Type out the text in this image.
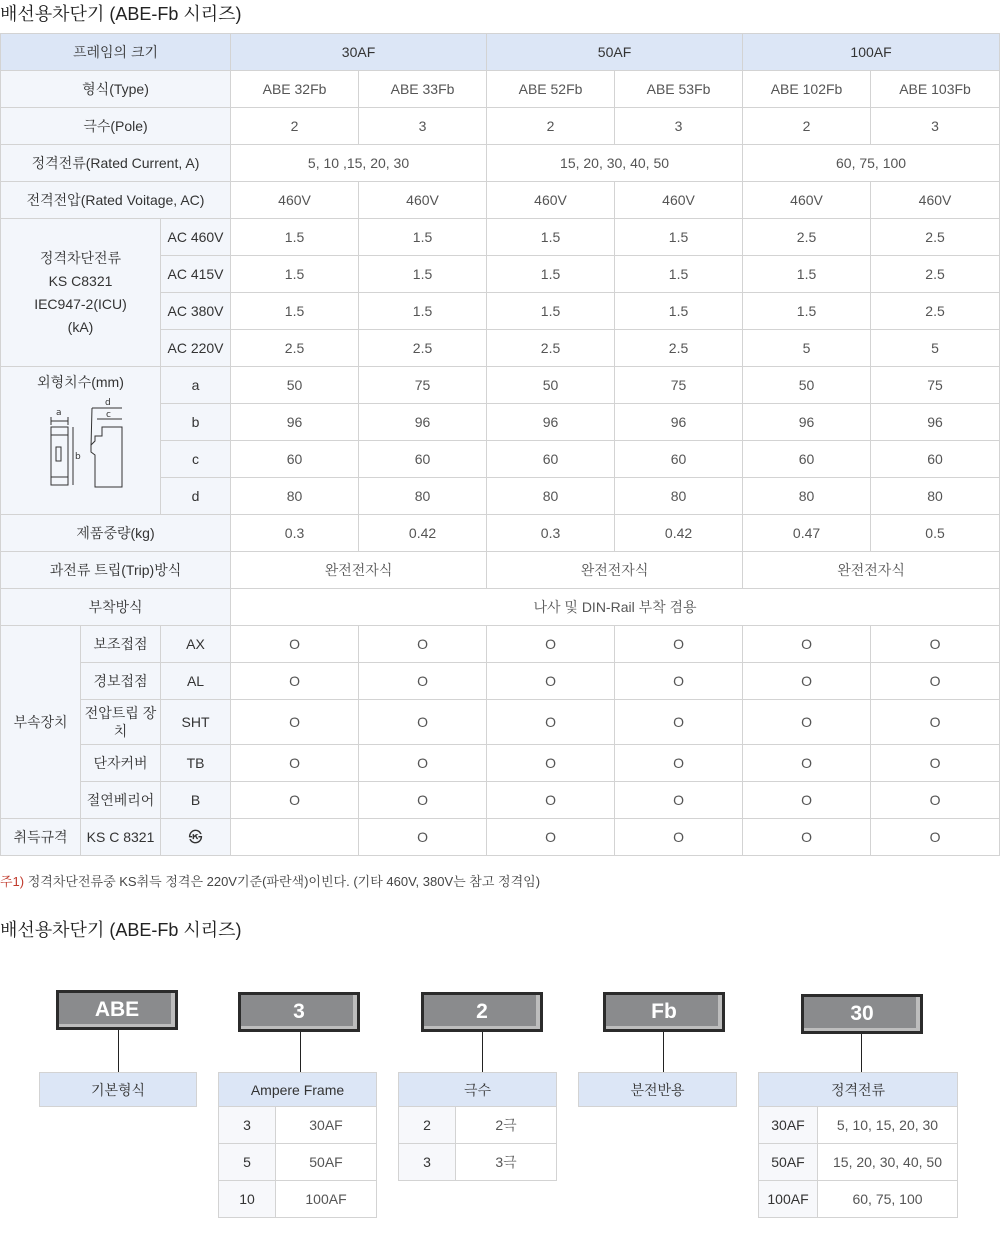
배선용차단기 (ABE-Fb 시리즈)
프레임의 크기			30AF		50AF		100AF	
형식(Type)			ABE 32Fb	ABE 33Fb	ABE 52Fb	ABE 53Fb	ABE 102Fb	ABE 103Fb
극수(Pole)			2	3	2	3	2	3
정격전류(Rated Current, A)			5, 10 ,15, 20, 30		15, 20, 30, 40, 50		60, 75, 100	
전격전압(Rated Voitage, AC)			460V	460V	460V	460V	460V	460V

정격차단전류
KS C8321
IEC947-2(ICU)
(kA)		AC 460V	1.5	1.5	1.5	1.5	2.5	2.5
		AC 415V	1.5	1.5	1.5	1.5	1.5	2.5
		AC 380V	1.5	1.5	1.5	1.5	1.5	2.5
		AC 220V	2.5	2.5	2.5	2.5	5	5

외형치수(mm)
a
d
c
b		a	50	75	50	75	50	75
		b	96	96	96	96	96	96
		c	60	60	60	60	60	60
		d	80	80	80	80	80	80
제품중량(kg)			0.3	0.42	0.3	0.42	0.47	0.5
과전류 트립(Trip)방식			완전전자식		완전전자식		완전전자식	
부착방식			나사 및 DIN-Rail 부착 겸용					
부속장치	보조접점	AX	O	O	O	O	O	O
	경보접점	AL	O	O	O	O	O	O
	전압트립 장치	SHT	O	O	O	O	O	O
	단자커버	TB	O	O	O	O	O	O
	절연베리어	B	O	O	O	O	O	O
취득규격	KS C 8321	㉿		O	O	O	O	O
주1) 정격차단전류중 KS취득 정격은 220V기준(파란색)이빈다. (기타 460V, 380V는 참고 정격임)
배선용차단기 (ABE-Fb 시리즈)
ABE
기본형식
3
Ampere Frame	
3	30AF
5	50AF
10	100AF
2
극수	
2	2극
3	3극
Fb
분전반용
30
정격전류	
30AF	5, 10, 15, 20, 30
50AF	15, 20, 30, 40, 50
100AF	60, 75, 100
